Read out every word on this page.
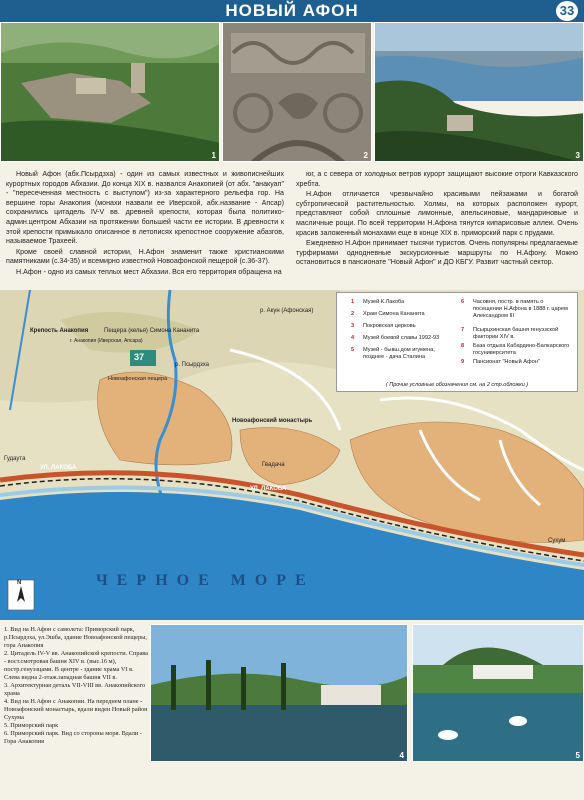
НОВЫЙ АФОН	33
1	2	3

Новый Афон (абх.Псырдзха) - один из самых известных и живописнейших курортных городов Абхазии. До конца XIX в. назвался Анакопией (от абх. "анакуап" - "пересеченная местность с выступом") из-за характерного рельефа гор. На вершине горы Анакопия (монахи назвали ее Иверской, абх.название - Апсар) сохранились цитадель IV-V вв. древней крепости, которая была политико-админ.центром Абхазии на протяжении большей части ее истории. В древности к этой крепости примыкало описанное в летописях крепостное сооружение абазгов, называемое Трахеей.

Кроме своей славной истории, Н.Афон знаменит также христианскими памятниками (с.34-35) и всемирно известной Новоафонской пещерой (с.36-37).

Н.Афон - одно из самых теплых мест Абхазии. Вся его территория обращена на

юг, а с севера от холодных ветров курорт защищают высокие отроги Кавказского хребта.

Н.Афон отличается чрезвычайно красивыми пейзажами и богатой субтропической растительностью. Холмы, на которых расположен курорт, представляют собой сплошные лимонные, апельсиновые, мандариновые и масличные рощи. По всей территории Н.Афона тянутся кипарисовые аллеи. Очень красив заложенный монахами еще в конце XIX в. приморский парк с прудами.

Ежедневно Н.Афон принимает тысячи туристов. Очень популярны предлагаемые турфирмами однодневные экскурсионные маршруты по Н.Афону. Можно остановиться в пансионате "Новый Афон" и ДО КБГУ. Развит частный сектор.

Пещера (келья) Симона Кананита
Крепость Анакопия
г. Анакопия (Иверская, Апсара)
р. Псырдзха
р. Акун (Афонская)
Новоафонская пещера
Новоафонский монастырь
УЛ. ЛАКОБА
УЛ. ЛАКОБА
Гудаута
Сухум
Гвадача
37
ЧЕРНОЕ МОРЕ
N
1	Музей К.Лакоба
2	Храм Симона Кананита
3	Покровская церковь
4	Музей боевой славы 1992-93
5	Музей - бывш.дом игумена, позднее - дача Сталина
6	Часовня, постр. в память о посещении Н.Афона в 1888 г. царем Александром III
7	Псырцхинская башня генуэзской фактории XIV в.
8	База отдыха Кабардино-Балкарского госуниверситета
9	Пансионат "Новый Афон"
( Прочие условные обозначения см. на 2 стр.обложки )
1. Вид на Н.Афон с самолета: Приморский парк, р.Псырдзха, ул.Эшба, здание Новоафонской пещеры, гора Анакопия
2. Цитадель IV-V вв. Анакопийской крепости. Справа - вост.смотровая башня XIV в. (выс.16 м), постр.генуэзцами. В центре - здание храма VI в. Слева видна 2-этаж.западная башня VII в.
3. Архитектурная деталь VII-VIII вв. Анакопийского храма
4. Вид на Н.Афон с Анакопии. На переднем плане - Новоафонский монастырь, вдали виден Новый район Сухума
5. Приморский парк
6. Приморский парк. Вид со стороны моря. Вдали - Гора Анакопия
4	5
